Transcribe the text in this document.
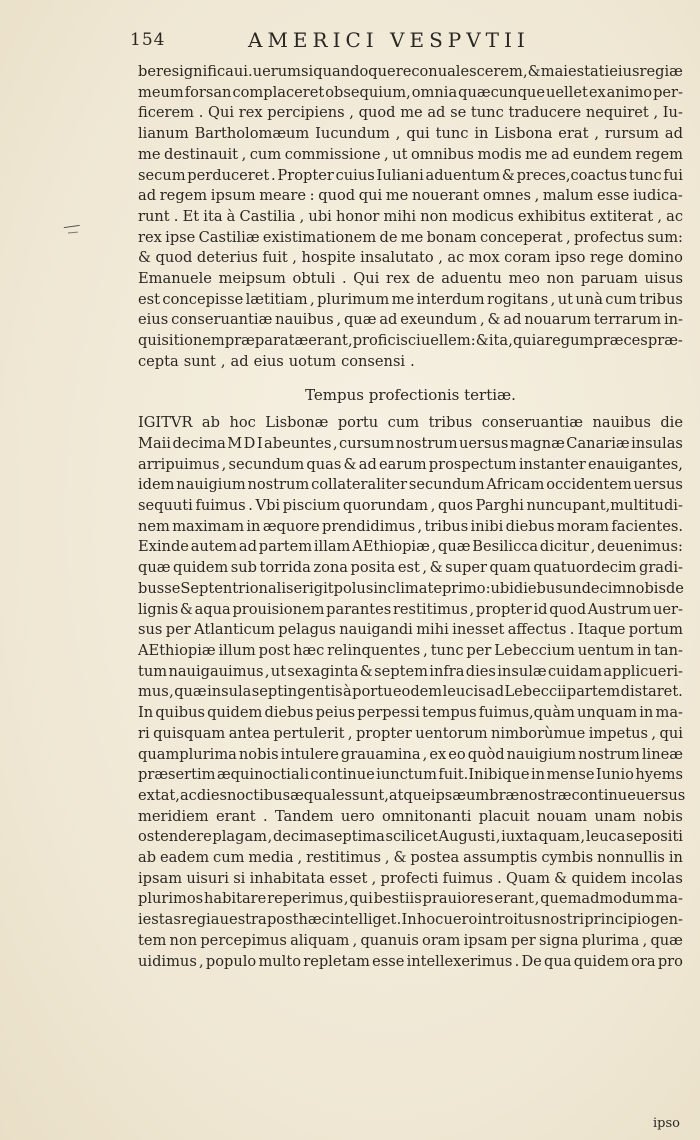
154	AMERICI VESPVTII
bere significaui . uerum si quandoque reconualescerem , & maiestati eius regiæ
meum forsan complaceret obsequium, omnia quæcunque uellet ex animo per-
ficerem . Qui rex percipiens , quod me ad se tunc traducere nequiret , Iu-
lianum Bartholomæum Iucundum , qui tunc in Lisbona erat , rursum ad
me destinauit , cum commissione , ut omnibus modis me ad eundem regem
secum perduceret . Propter cuius Iuliani aduentum & preces,coactus tunc fui
ad regem ipsum meare : quod qui me nouerant omnes , malum esse iudica-
runt . Et ita à Castilia , ubi honor mihi non modicus exhibitus extiterat , ac
rex ipse Castiliæ existimationem de me bonam conceperat , profectus sum:
& quod deterius fuit , hospite insalutato , ac mox coram ipso rege domino
Emanuele meipsum obtuli . Qui rex de aduentu meo non paruam uisus
est concepisse lætitiam , plurimum me interdum rogitans , ut unà cum tribus
eius conseruantiæ nauibus , quæ ad exeundum , & ad nouarum terrarum in-
quisitionem præparatæ erant , proficisci uellem : & ita , quia regum præces præ-
cepta sunt , ad eius uotum consensi .
Tempus profectionis tertiæ.
IGITVR ab hoc Lisbonæ portu cum tribus conseruantiæ nauibus die
Maii decima M D I abeuntes , cursum nostrum uersus magnæ Canariæ insulas
arripuimus , secundum quas & ad earum prospectum instanter enauigantes,
idem nauigium nostrum collateraliter secundum Africam occidentem uersus
sequuti fuimus . Vbi piscium quorundam , quos Parghi nuncupant,multitudi-
nem maximam in æquore prendidimus , tribus inibi diebus moram facientes.
Exinde autem ad partem illam AEthiopiæ , quæ Besilicca dicitur , deuenimus:
quæ quidem sub torrida zona posita est , & super quam quatuordecim gradi-
bus se Septentrionalis erigit polus in climate primo:ubi diebus undecim nobis de
lignis & aqua prouisionem parantes restitimus , propter id quod Austrum uer-
sus per Atlanticum pelagus nauigandi mihi inesset affectus . Itaque portum
AEthiopiæ illum post hæc relinquentes , tunc per Lebeccium uentum in tan-
tum nauigauimus , ut sexaginta & septem infra dies insulæ cuidam applicueri-
mus , quæ insula septingentis à portu eodem leucis ad Lebeccii partem distaret.
In quibus quidem diebus peius perpessi tempus fuimus,quàm unquam in ma-
ri quisquam antea pertulerit , propter uentorum nimborùmue impetus , qui
quamplurima nobis intulere grauamina , ex eo quòd nauigium nostrum lineæ
præsertim æquinoctiali continue iunctum fuit.Inibique in mense Iunio hyems
extat , ac dies noctibus æquales sunt , atque ipsæ umbræ nostræ continue uersus
meridiem erant . Tandem uero omnitonanti placuit nouam unam nobis
ostendere plagam , decimaseptima scilicet Augusti , iuxta quam , leuca sepositi
ab eadem cum media , restitimus , & postea assumptis cymbis nonnullis in
ipsam uisuri si inhabitata esset , profecti fuimus . Quam & quidem incolas
plurimos habitare reperimus , qui bestiis prauiores erant , quemadmodum ma-
iestas regia uestra posthæc intelliget . In hoc uero introitus nostri principio gen-
tem non percepimus aliquam , quanuis oram ipsam per signa plurima , quæ
uidimus , populo multo repletam esse intellexerimus . De qua quidem ora pro
ipso
